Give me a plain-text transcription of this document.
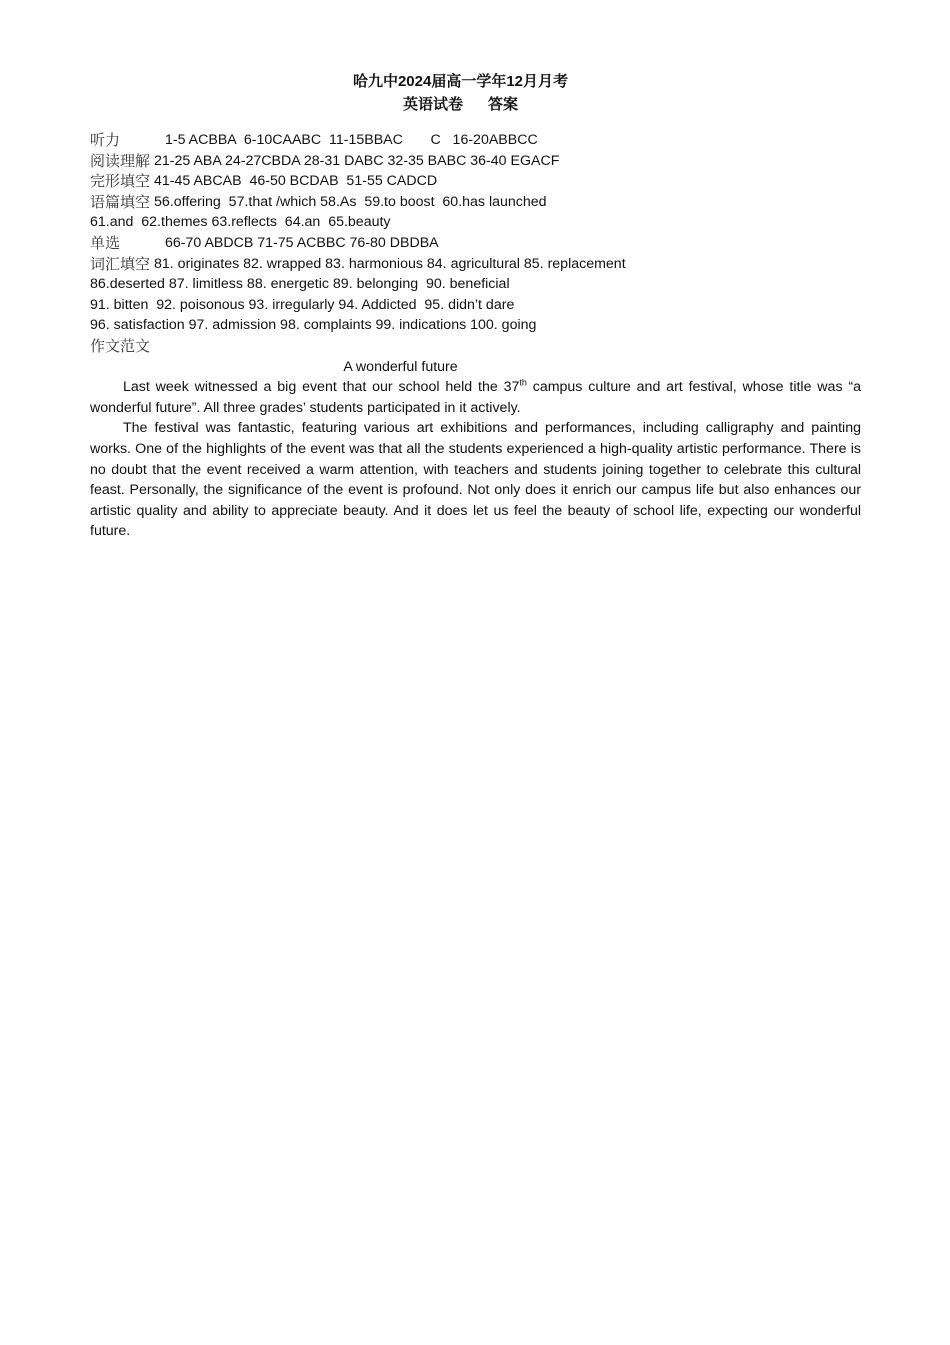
哈九中2024届高一学年12月月考
英语试卷      答案
听力	1-5 ACBBA  6-10CAABC  11-15BBAC       C   16-20ABBCC
阅读理解 21-25 ABA 24-27CBDA 28-31 DABC 32-35 BABC 36-40 EGACF
完形填空 41-45 ABCAB  46-50 BCDAB  51-55 CADCD
语篇填空 56.offering  57.that /which 58.As  59.to boost  60.has launched
61.and  62.themes 63.reflects  64.an  65.beauty
单选	66-70 ABDCB 71-75 ACBBC 76-80 DBDBA
词汇填空 81. originates 82. wrapped 83. harmonious 84. agricultural 85. replacement
86.deserted 87. limitless 88. energetic 89. belonging  90. beneficial
91. bitten  92. poisonous 93. irregularly 94. Addicted  95. didn’t dare
96. satisfaction 97. admission 98. complaints 99. indications 100. going
作文范文
A wonderful future

Last week witnessed a big event that our school held the 37th campus culture and art festival, whose title was “a wonderful future”. All three grades’ students participated in it actively.

The festival was fantastic, featuring various art exhibitions and performances, including calligraphy and painting works. One of the highlights of the event was that all the students experienced a high-quality artistic performance. There is no doubt that the event received a warm attention, with teachers and students joining together to celebrate this cultural feast. Personally, the significance of the event is profound. Not only does it enrich our campus life but also enhances our artistic quality and ability to appreciate beauty. And it does let us feel the beauty of school life, expecting our wonderful future.
